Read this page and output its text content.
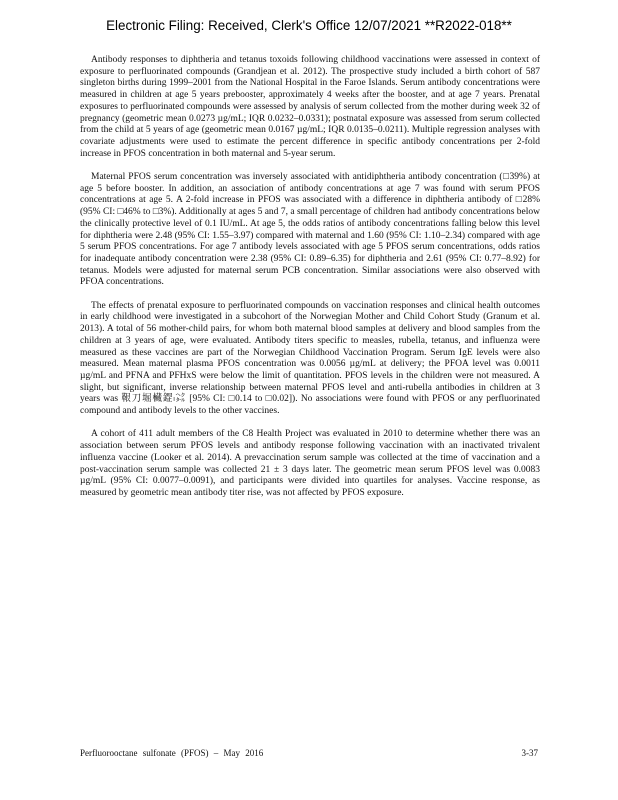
Electronic Filing: Received, Clerk's Office 12/07/2021 **R2022-018**

Antibody responses to diphtheria and tetanus toxoids following childhood vaccinations were assessed in context of exposure to perfluorinated compounds (Grandjean et al. 2012). The prospective study included a birth cohort of 587 singleton births during 1999–2001 from the National Hospital in the Faroe Islands. Serum antibody concentrations were measured in children at age 5 years prebooster, approximately 4 weeks after the booster, and at age 7 years. Prenatal exposures to perfluorinated compounds were assessed by analysis of serum collected from the mother during week 32 of pregnancy (geometric mean 0.0273 µg/mL; IQR 0.0232–0.0331); postnatal exposure was assessed from serum collected from the child at 5 years of age (geometric mean 0.0167 µg/mL; IQR 0.0135–0.0211). Multiple regression analyses with covariate adjustments were used to estimate the percent difference in specific antibody concentrations per 2-fold increase in PFOS concentration in both maternal and 5-year serum.

Maternal PFOS serum concentration was inversely associated with antidiphtheria antibody concentration (□39%) at age 5 before booster. In addition, an association of antibody concentrations at age 7 was found with serum PFOS concentrations at age 5. A 2-fold increase in PFOS was associated with a difference in diphtheria antibody of □28% (95% CI: □46% to □3%). Additionally at ages 5 and 7, a small percentage of children had antibody concentrations below the clinically protective level of 0.1 IU/mL. At age 5, the odds ratios of antibody concentrations falling below this level for diphtheria were 2.48 (95% CI: 1.55–3.97) compared with maternal and 1.60 (95% CI: 1.10–2.34) compared with age 5 serum PFOS concentrations. For age 7 antibody levels associated with age 5 PFOS serum concentrations, odds ratios for inadequate antibody concentration were 2.38 (95% CI: 0.89–6.35) for diphtheria and 2.61 (95% CI: 0.77–8.92) for tetanus. Models were adjusted for maternal serum PCB concentration. Similar associations were also observed with PFOA concentrations.

The effects of prenatal exposure to perfluorinated compounds on vaccination responses and clinical health outcomes in early childhood were investigated in a subcohort of the Norwegian Mother and Child Cohort Study (Granum et al. 2013). A total of 56 mother-child pairs, for whom both maternal blood samples at delivery and blood samples from the children at 3 years of age, were evaluated. Antibody titers specific to measles, rubella, tetanus, and influenza were measured as these vaccines are part of the Norwegian Childhood Vaccination Program. Serum IgE levels were also measured. Mean maternal plasma PFOS concentration was 0.0056 µg/mL at delivery; the PFOA level was 0.0011 µg/mL and PFNA and PFHxS were below the limit of quantitation. PFOS levels in the children were not measured. A slight, but significant, inverse relationship between maternal PFOS level and anti-rubella antibodies in children at 3 years was 鞎刀堀欌鎠ₗ㌶ [95% CI: □0.14 to □0.02]). No associations were found with PFOS or any perfluorinated compound and antibody levels to the other vaccines.

A cohort of 411 adult members of the C8 Health Project was evaluated in 2010 to determine whether there was an association between serum PFOS levels and antibody response following vaccination with an inactivated trivalent influenza vaccine (Looker et al. 2014). A prevaccination serum sample was collected at the time of vaccination and a post-vaccination serum sample was collected 21 ± 3 days later. The geometric mean serum PFOS level was 0.0083 µg/mL (95% CI: 0.0077–0.0091), and participants were divided into quartiles for analyses. Vaccine response, as measured by geometric mean antibody titer rise, was not affected by PFOS exposure.

Perfluorooctane sulfonate (PFOS) – May 2016	3-37
